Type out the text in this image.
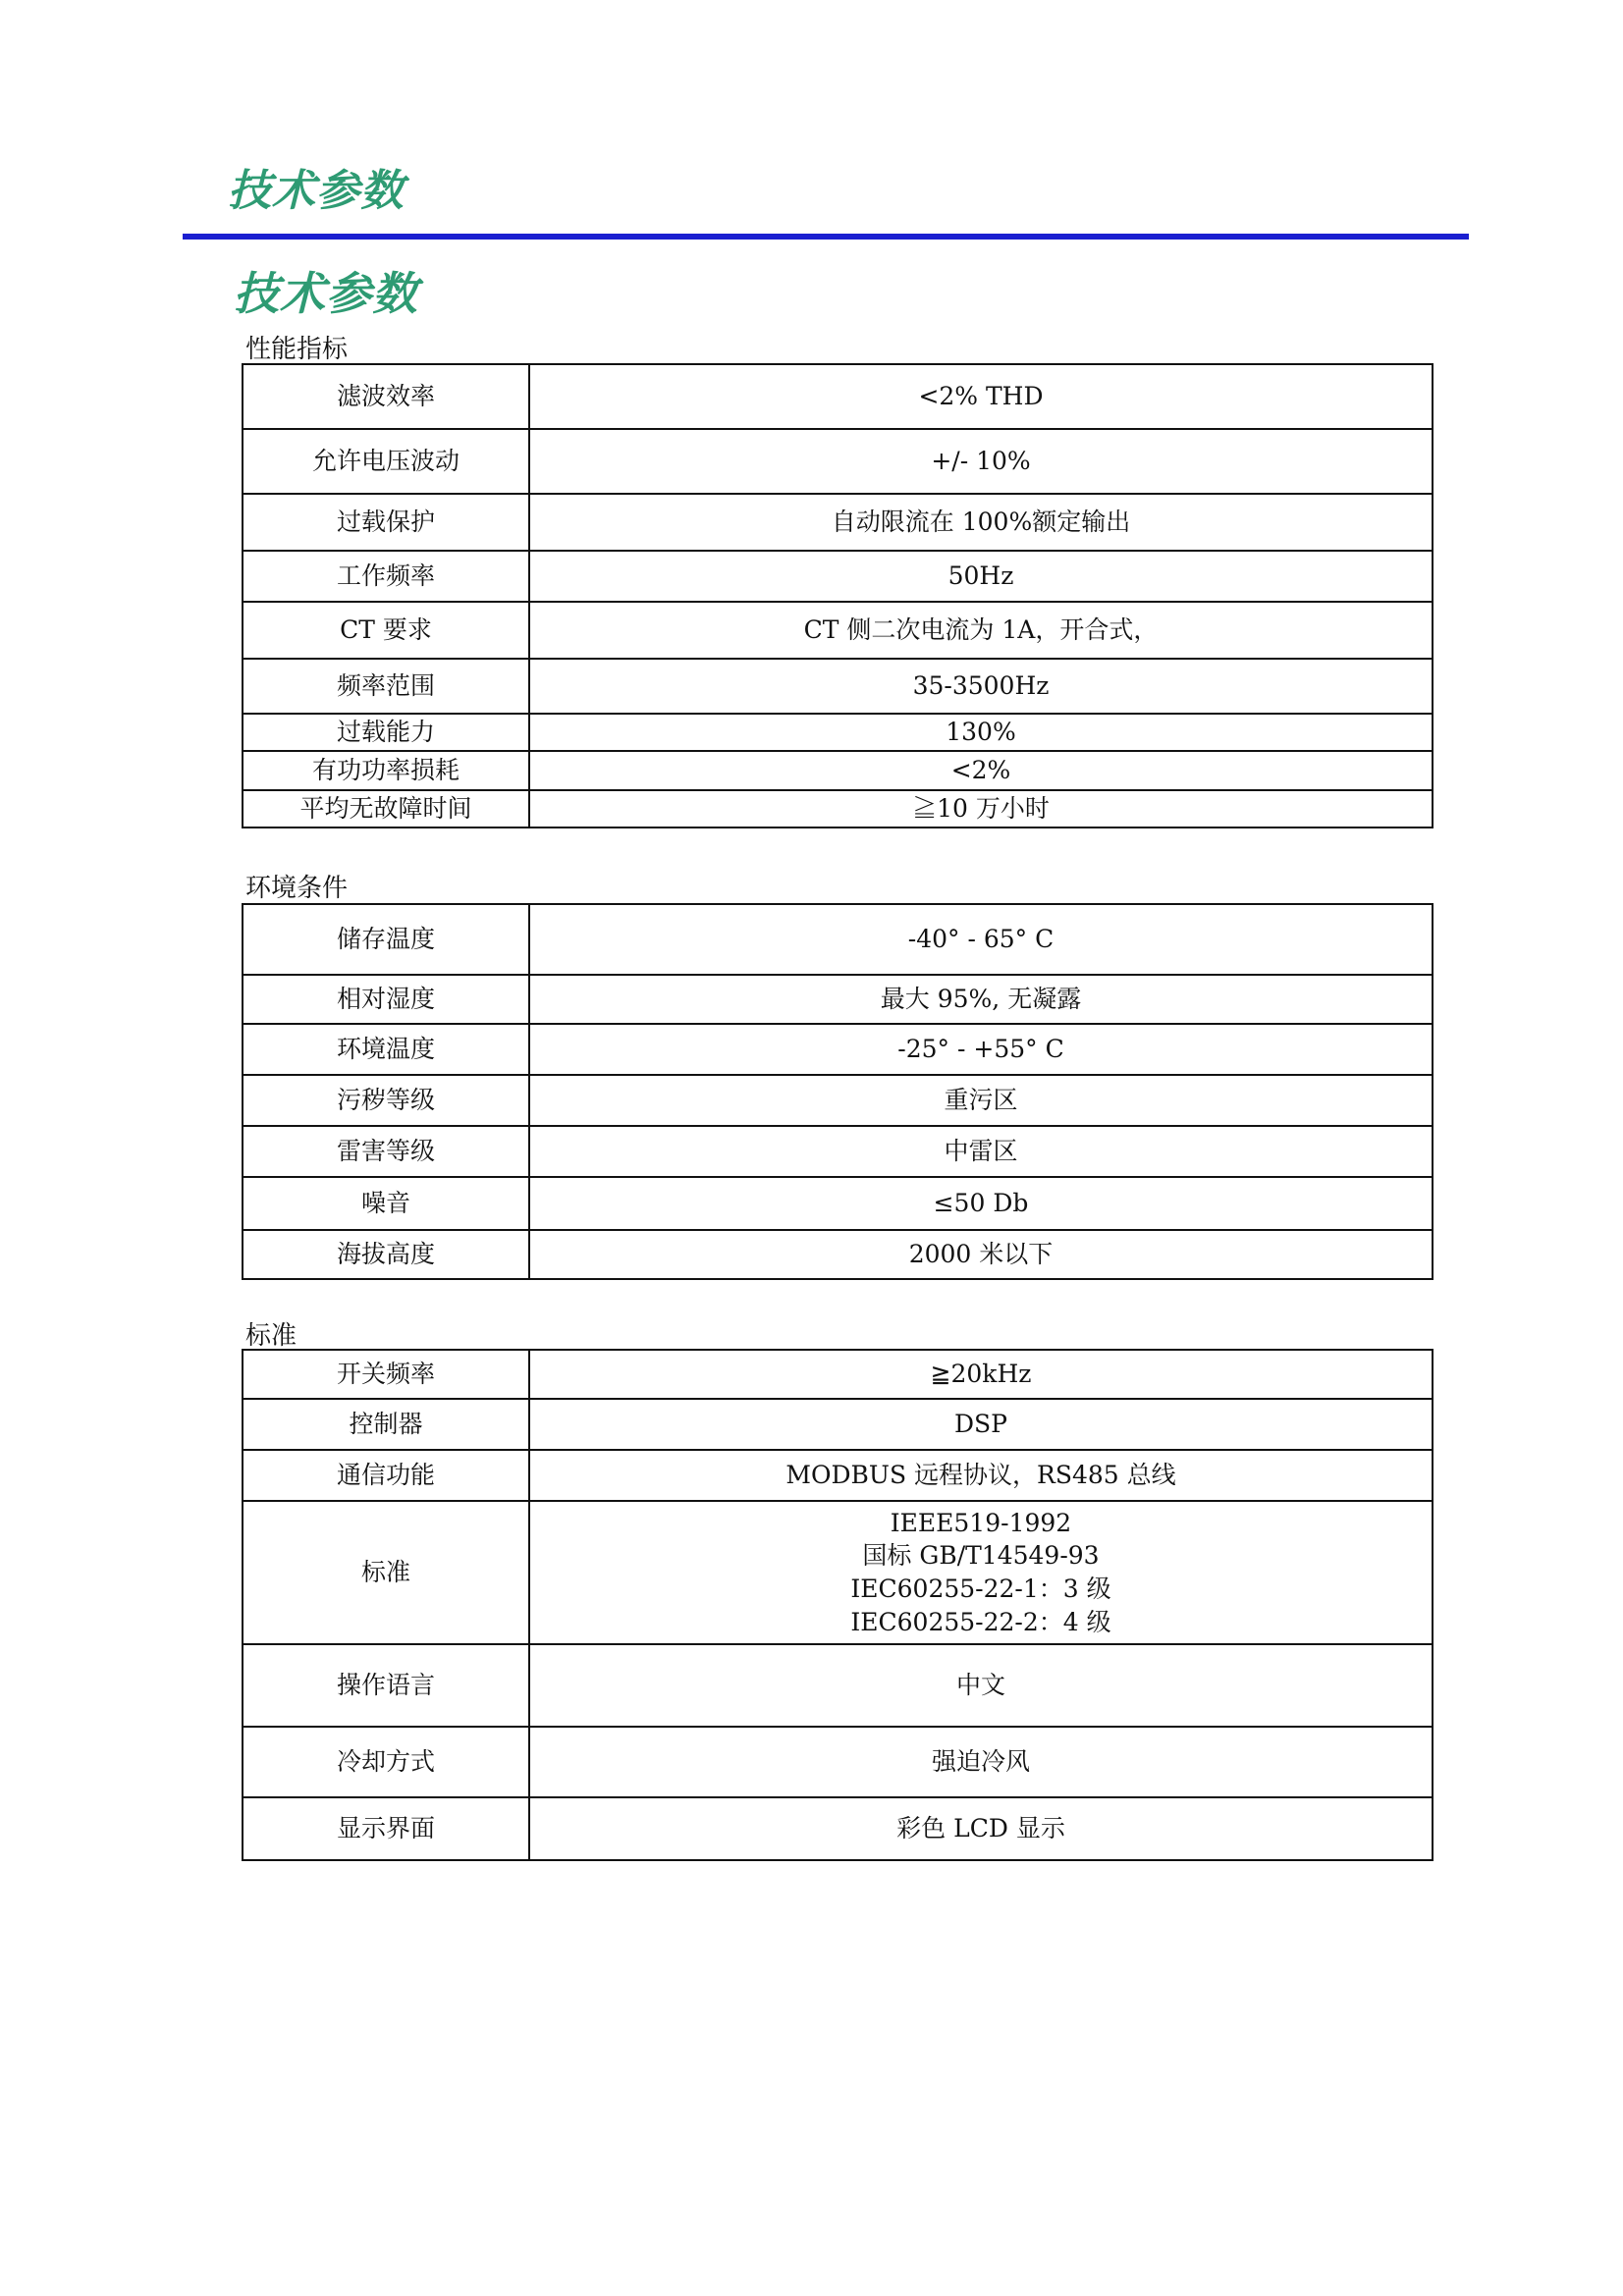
技术参数
技术参数
性能指标
滤波效率	<2% THD
允许电压波动	+/- 10%
过载保护	自动限流在 100%额定输出
工作频率	50Hz
CT 要求	CT 侧二次电流为 1A，开合式，
频率范围	35-3500Hz
过载能力	130%
有功功率损耗	<2%
平均无故障时间	≧10 万小时
环境条件
储存温度	-40° - 65° C
相对湿度	最大 95%, 无凝露
环境温度	-25° - +55° C
污秽等级	重污区
雷害等级	中雷区
噪音	≤50 Db
海拔高度	2000 米以下
标准
开关频率	≧20kHz
控制器	DSP
通信功能	MODBUS 远程协议，RS485 总线
标准	IEEE519-1992
国标 GB/T14549-93
IEC60255-22-1：3 级
IEC60255-22-2：4 级

操作语言	中文
冷却方式	强迫冷风
显示界面	彩色 LCD 显示
